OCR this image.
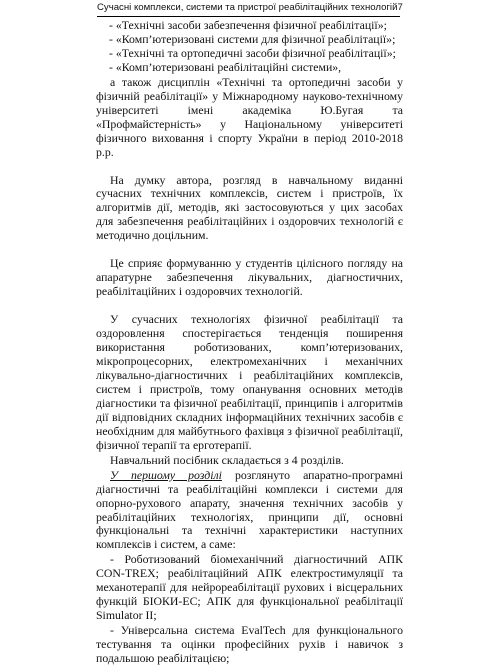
Сучасні комплекси, системи та пристрої реабілітаційних технологій 7

- «Технічні засоби забезпечення фізичної реабілітації»;

- «Комп’ютеризовані системи для фізичної реабілітації»;

- «Технічні та ортопедичні засоби фізичної реабілітації»;

- «Комп’ютеризовані реабілітаційні системи»,

а також дисциплін «Технічні та ортопедичні засоби у фізичній реабілітації» у Міжнародному науково-технічному університеті імені академіка Ю.Бугая та «Профмайстерність» у Національному університеті фізичного виховання і спорту України в період 2010-2018 р.р.

На думку автора, розгляд в навчальному виданні сучасних технічних комплексів, систем і пристроїв, їх алгоритмів дії, методів, які застосовуються у цих засобах для забезпечення реабілітаційних і оздоровчих технологій є методично доцільним.

Це сприяє формуванню у студентів цілісного погляду на апаратурне забезпечення лікувальних, діагностичних, реабілітаційних і оздоровчих технологій.

У сучасних технологіях фізичної реабілітації та оздоровлення спостерігається тенденція поширення використання роботизованих, комп’ютеризованих, мікропроцесорних, електромеханічних і механічних лікувально-діагностичних і реабілітаційних комплексів, систем і пристроїв, тому опанування основних методів діагностики та фізичної реабілітації, принципів і алгоритмів дії відповідних складних інформаційних технічних засобів є необхідним для майбутнього фахівця з фізичної реабілітації, фізичної терапії та ерготерапії.

Навчальний посібник складається з 4 розділів.

У першому розділі розглянуто апаратно-програмні діагностичні та реабілітаційні комплекси і системи для опорно-рухового апарату, значення технічних засобів у реабілітаційних технологіях, принципи дії, основні функціональні та технічні характеристики наступних комплексів і систем, а саме:

- Роботизований біомеханічний діагностичний АПК CON-TREX; реабілітаційний АПК електростимуляції та механотерапії для нейрореабілітації рухових і вісцеральних функцій БІОКИ-ЕС; АПК для функціональної реабілітації Simulator II;

- Універсальна система EvalTech для функціонального тестування та оцінки професійних рухів і навичок з подальшою реабілітацією;
